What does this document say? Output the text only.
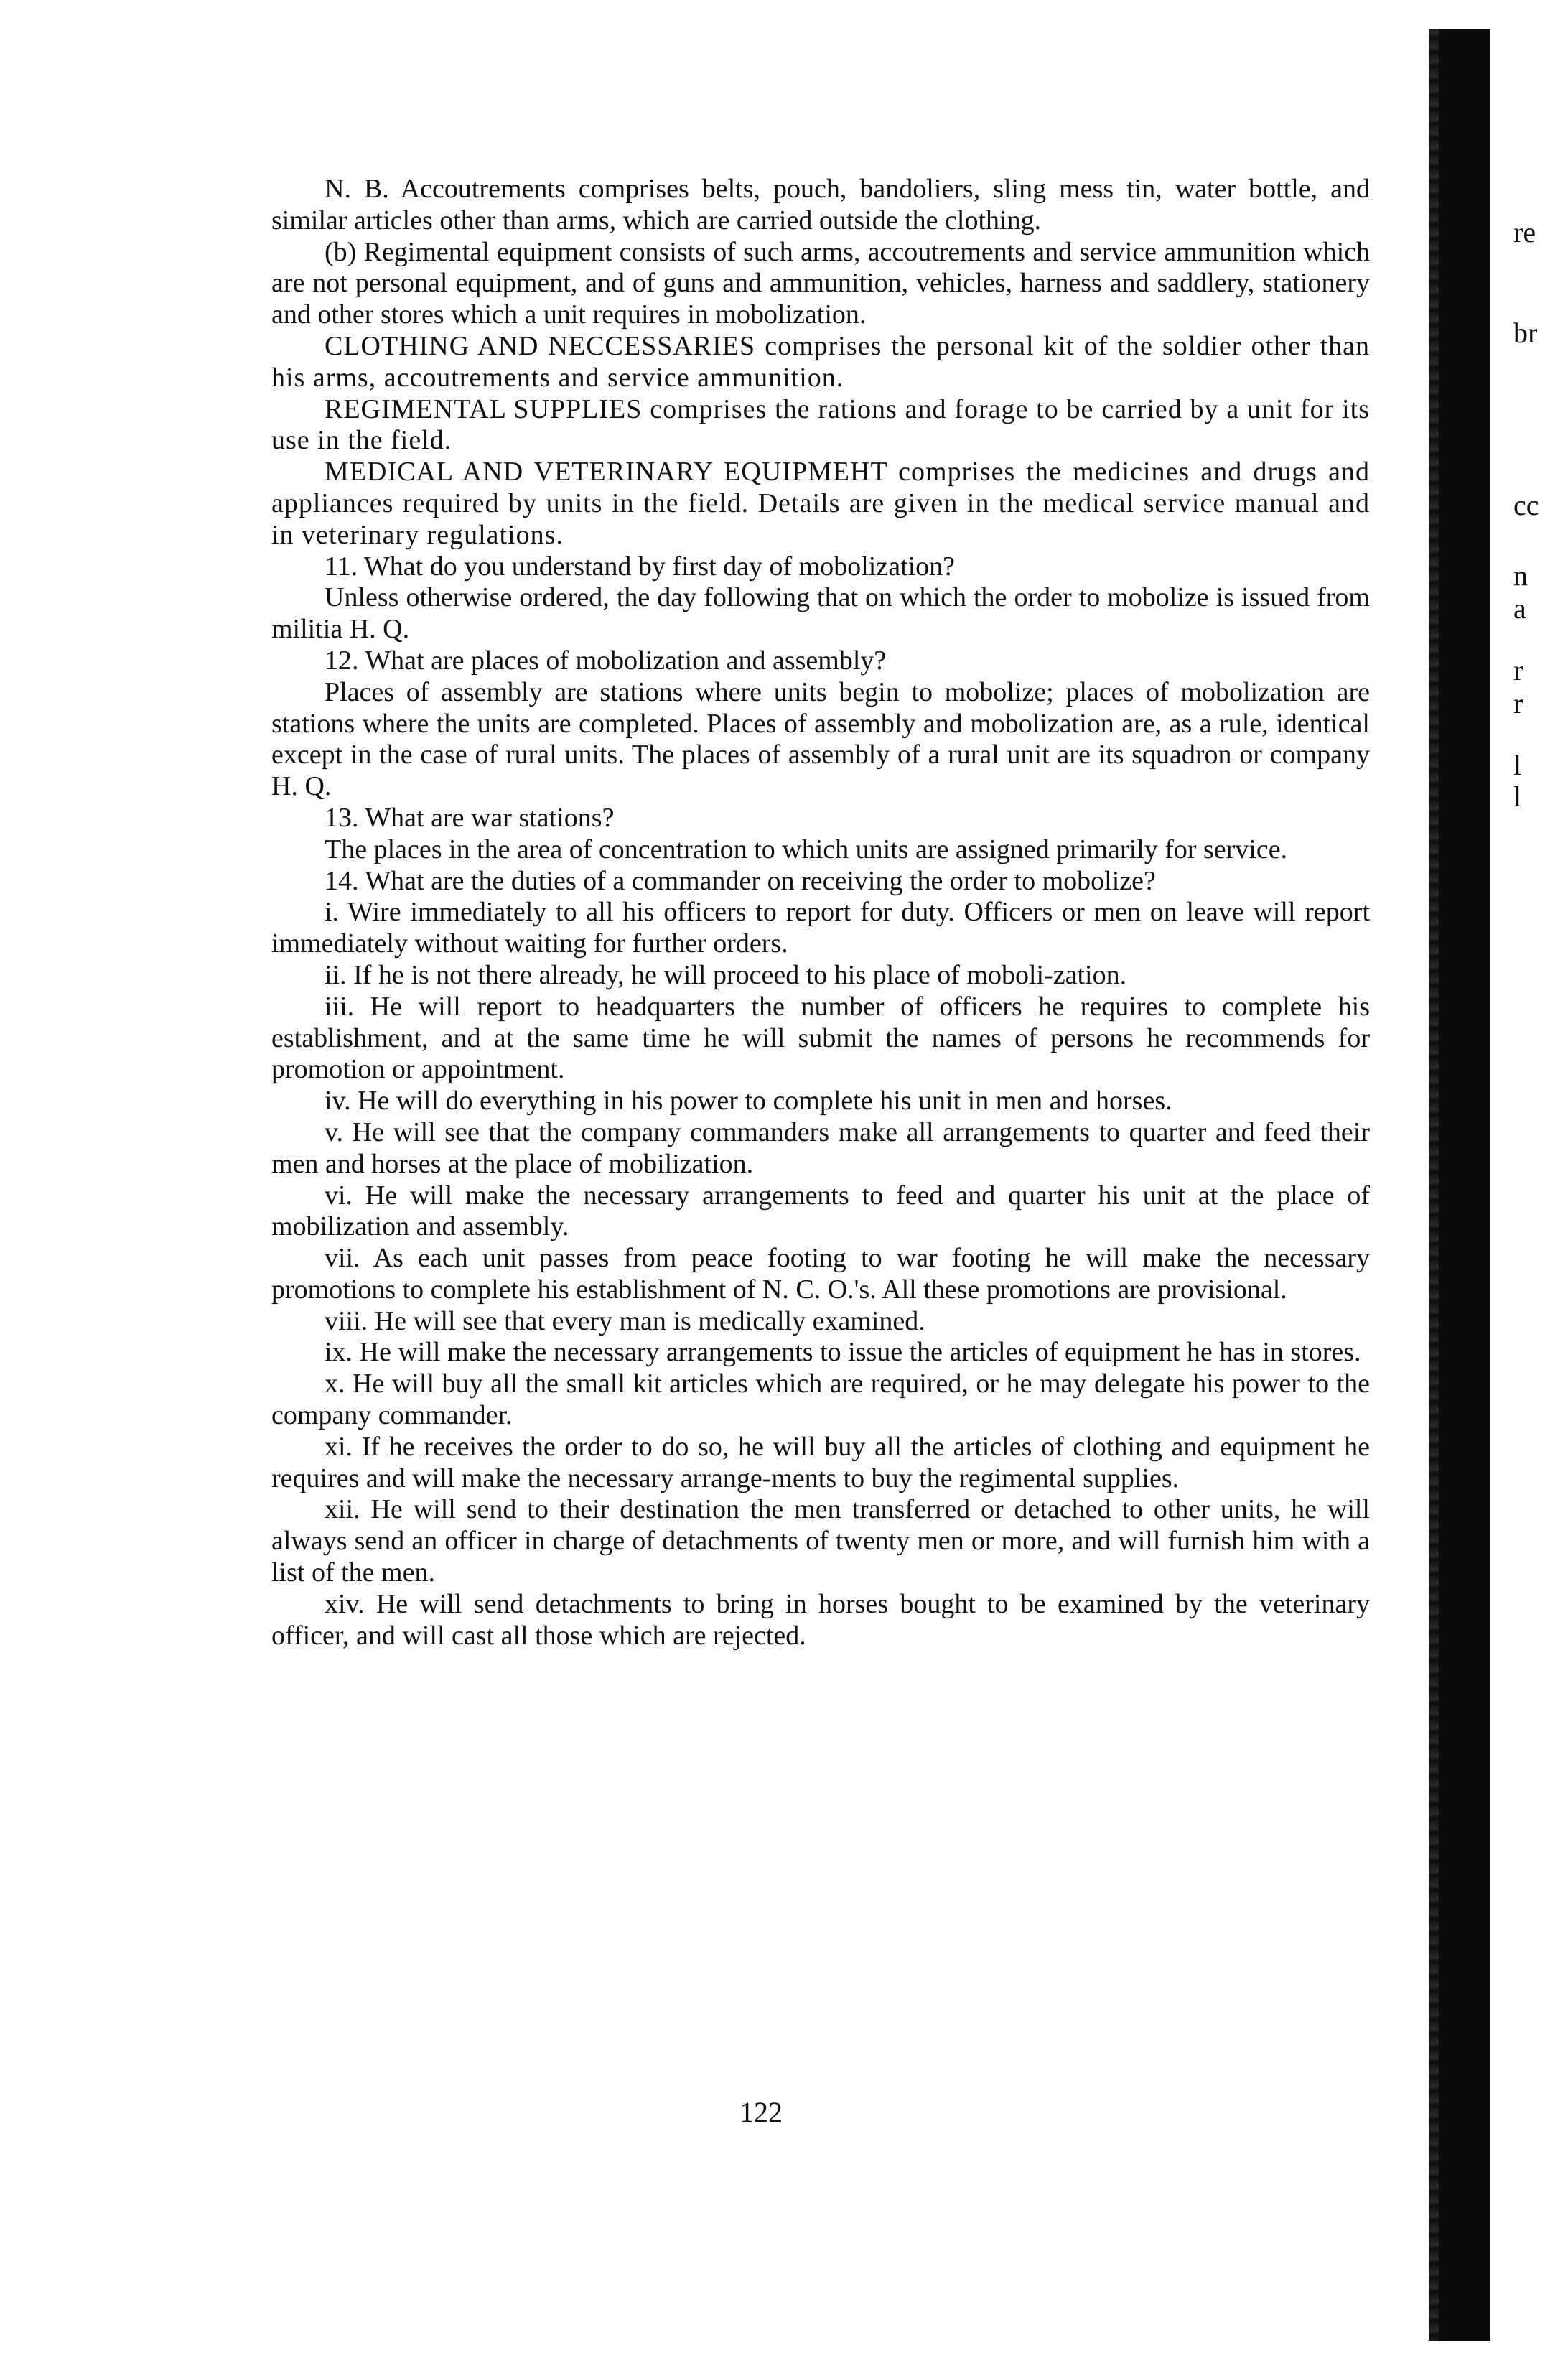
N. B. Accoutrements comprises belts, pouch, bandoliers, sling mess tin, water bottle, and similar articles other than arms, which are carried outside the clothing.

(b) Regimental equipment consists of such arms, accoutrements and service ammunition which are not personal equipment, and of guns and ammunition, vehicles, harness and saddlery, stationery and other stores which a unit requires in mobolization.

CLOTHING AND NECCESSARIES comprises the personal kit of the soldier other than his arms, accoutrements and service ammunition.

REGIMENTAL SUPPLIES comprises the rations and forage to be carried by a unit for its use in the field.

MEDICAL AND VETERINARY EQUIPMEHT comprises the medicines and drugs and appliances required by units in the field. Details are given in the medical service manual and in veterinary regulations.

11. What do you understand by first day of mobolization?

Unless otherwise ordered, the day following that on which the order to mobolize is issued from militia H. Q.

12. What are places of mobolization and assembly?

Places of assembly are stations where units begin to mobolize; places of mobolization are stations where the units are completed. Places of assembly and mobolization are, as a rule, identical except in the case of rural units. The places of assembly of a rural unit are its squadron or company H. Q.

13. What are war stations?

The places in the area of concentration to which units are assigned primarily for service.

14. What are the duties of a commander on receiving the order to mobolize?

i. Wire immediately to all his officers to report for duty. Officers or men on leave will report immediately without waiting for further orders.

ii. If he is not there already, he will proceed to his place of moboli-zation.

iii. He will report to headquarters the number of officers he requires to complete his establishment, and at the same time he will submit the names of persons he recommends for promotion or appointment.

iv. He will do everything in his power to complete his unit in men and horses.

v. He will see that the company commanders make all arrangements to quarter and feed their men and horses at the place of mobilization.

vi. He will make the necessary arrangements to feed and quarter his unit at the place of mobilization and assembly.

vii. As each unit passes from peace footing to war footing he will make the necessary promotions to complete his establishment of N. C. O.'s. All these promotions are provisional.

viii. He will see that every man is medically examined.

ix. He will make the necessary arrangements to issue the articles of equipment he has in stores.

x. He will buy all the small kit articles which are required, or he may delegate his power to the company commander.

xi. If he receives the order to do so, he will buy all the articles of clothing and equipment he requires and will make the necessary arrange-ments to buy the regimental supplies.

xii. He will send to their destination the men transferred or detached to other units, he will always send an officer in charge of detachments of twenty men or more, and will furnish him with a list of the men.

xiv. He will send detachments to bring in horses bought to be examined by the veterinary officer, and will cast all those which are rejected.

122
re
br
cc
n
a
r
r
l
l
